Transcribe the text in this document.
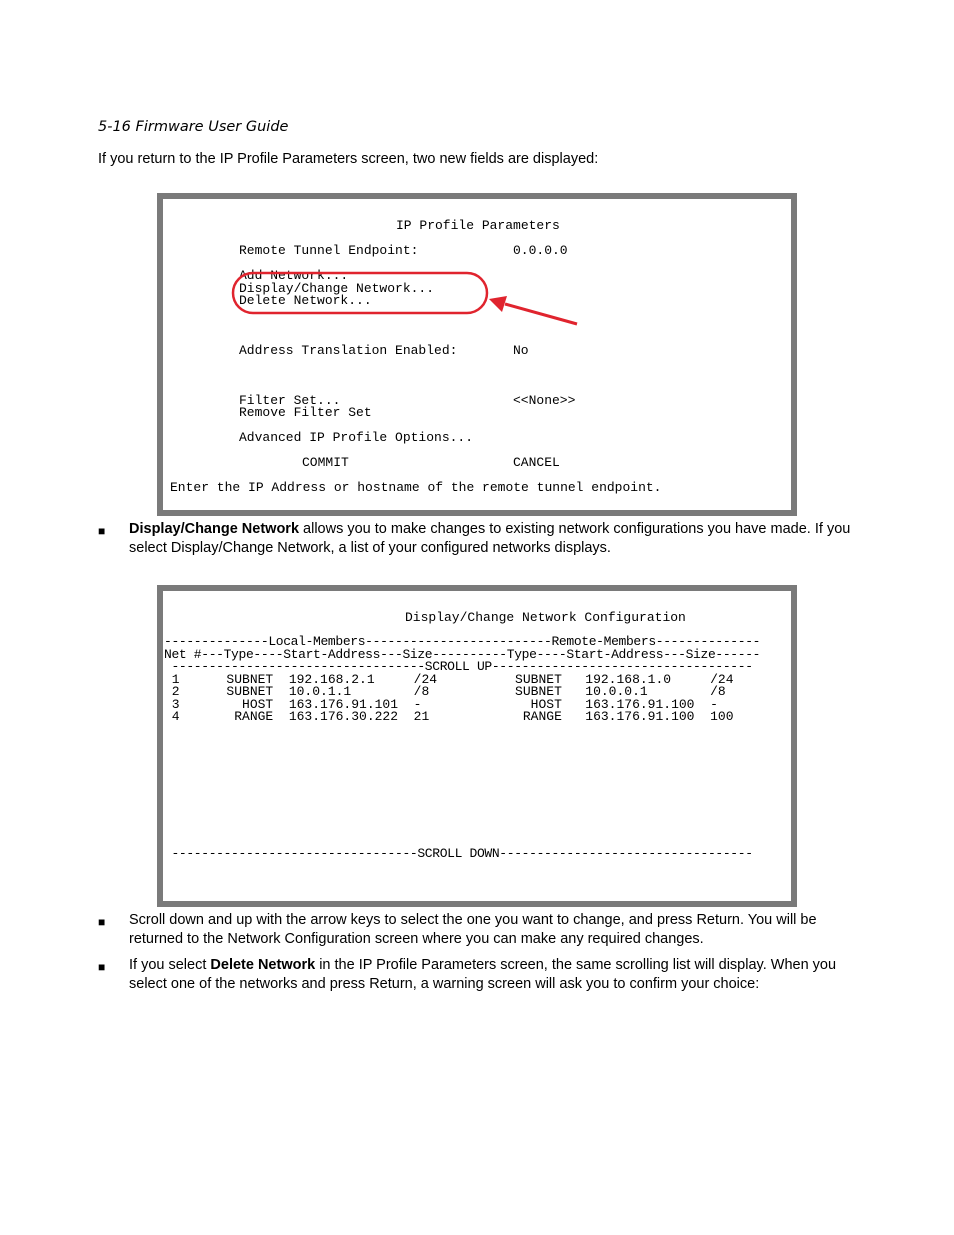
5-16 Firmware User Guide
If you return to the IP Profile Parameters screen, two new fields are displayed:
IP Profile Parameters
Remote Tunnel Endpoint:	0.0.0.0
Add Network...
Display/Change Network...
Delete Network...
Address Translation Enabled:	No
Filter Set...	<<None>>
Remove Filter Set
Advanced IP Profile Options...
COMMIT	CANCEL
Enter the IP Address or hostname of the remote tunnel endpoint.
■ Display/Change Network allows you to make changes to existing network configurations you have made. If you select Display/Change Network, a list of your configured networks displays.
Display/Change Network Configuration
--------------Local-Members-------------------------Remote-Members--------------
Net #---Type----Start-Address---Size----------Type----Start-Address---Size------
----------------------------------SCROLL UP-----------------------------------
1      SUBNET  192.168.2.1     /24          SUBNET   192.168.1.0     /24
2      SUBNET  10.0.1.1        /8           SUBNET   10.0.0.1        /8
3        HOST  163.176.91.101  -              HOST   163.176.91.100  -
4       RANGE  163.176.30.222  21            RANGE   163.176.91.100  100
---------------------------------SCROLL DOWN----------------------------------
■ Scroll down and up with the arrow keys to select the one you want to change, and press Return. You will be returned to the Network Configuration screen where you can make any required changes.
■ If you select Delete Network in the IP Profile Parameters screen, the same scrolling list will display. When you select one of the networks and press Return, a warning screen will ask you to confirm your choice:
